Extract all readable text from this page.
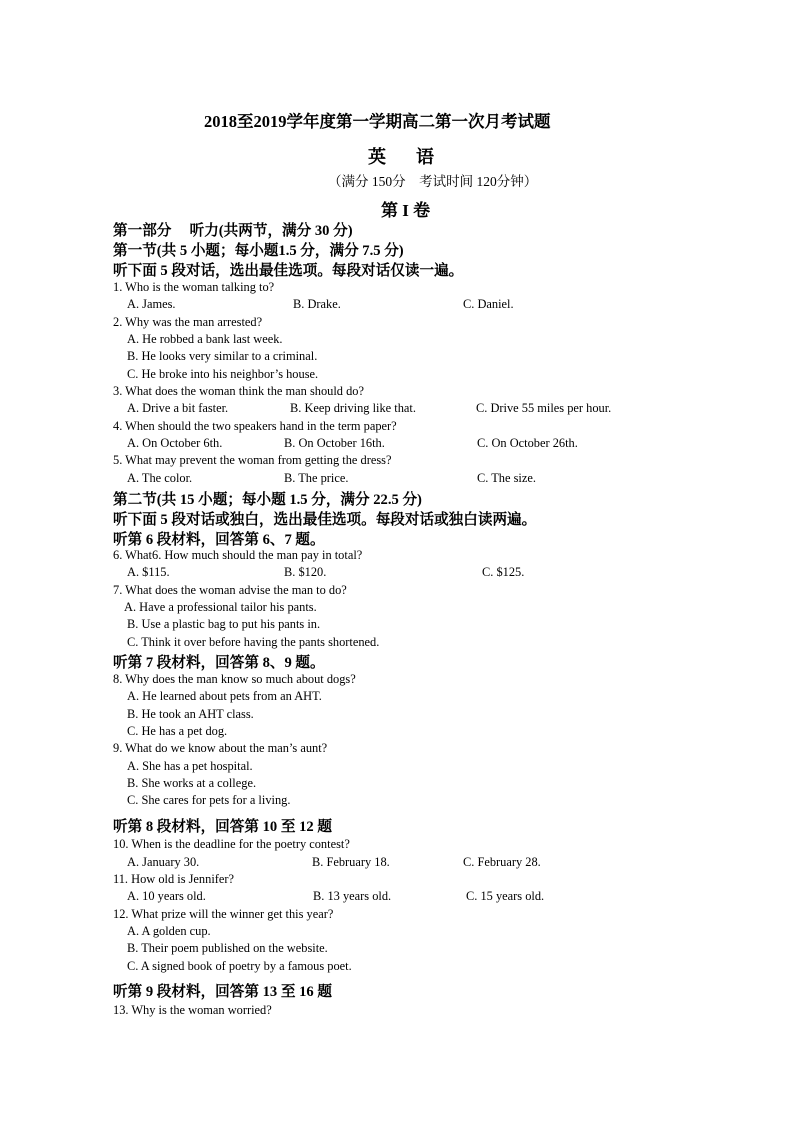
2018至2019学年度第一学期高二第一次月考试题
英 语
（满分 150分　考试时间 120分钟）
第 I 卷
第一部分　 听力(共两节，满分 30 分)
第一节(共 5 小题；每小题1.5 分，满分 7.5 分)
听下面 5 段对话，选出最佳选项。每段对话仅读一遍。
1. Who is the woman talking to?
A. James.	B. Drake.	C. Daniel.
2. Why was the man arrested?
A. He robbed a bank last week.
B. He looks very similar to a criminal.
C. He broke into his neighbor’s house.
3. What does the woman think the man should do?
A. Drive a bit faster.	B. Keep driving like that.	C. Drive 55 miles per hour.
4. When should the two speakers hand in the term paper?
A. On October 6th.	B. On October 16th.	C. On October 26th.
5. What may prevent the woman from getting the dress?
A. The color.	B. The price.	C. The size.
第二节(共 15 小题；每小题 1.5 分，满分 22.5 分)
听下面 5 段对话或独白，选出最佳选项。每段对话或独白读两遍。
听第 6 段材料，回答第 6、7 题。
6. What6. How much should the man pay in total?
A. $115.	B. $120.	C. $125.
7. What does the woman advise the man to do?
A. Have a professional tailor his pants.
B. Use a plastic bag to put his pants in.
C. Think it over before having the pants shortened.
听第 7 段材料，回答第 8、9 题。
8. Why does the man know so much about dogs?
A. He learned about pets from an AHT.
B. He took an AHT class.
C. He has a pet dog.
9. What do we know about the man’s aunt?
A. She has a pet hospital.
B. She works at a college.
C. She cares for pets for a living.
听第 8 段材料，回答第 10 至 12 题
10. When is the deadline for the poetry contest?
A. January 30.	B. February 18.	C. February 28.
11. How old is Jennifer?
A. 10 years old.	B. 13 years old.	C. 15 years old.
12. What prize will the winner get this year?
A. A golden cup.
B. Their poem published on the website.
C. A signed book of poetry by a famous poet.
听第 9 段材料，回答第 13 至 16 题
13. Why is the woman worried?
